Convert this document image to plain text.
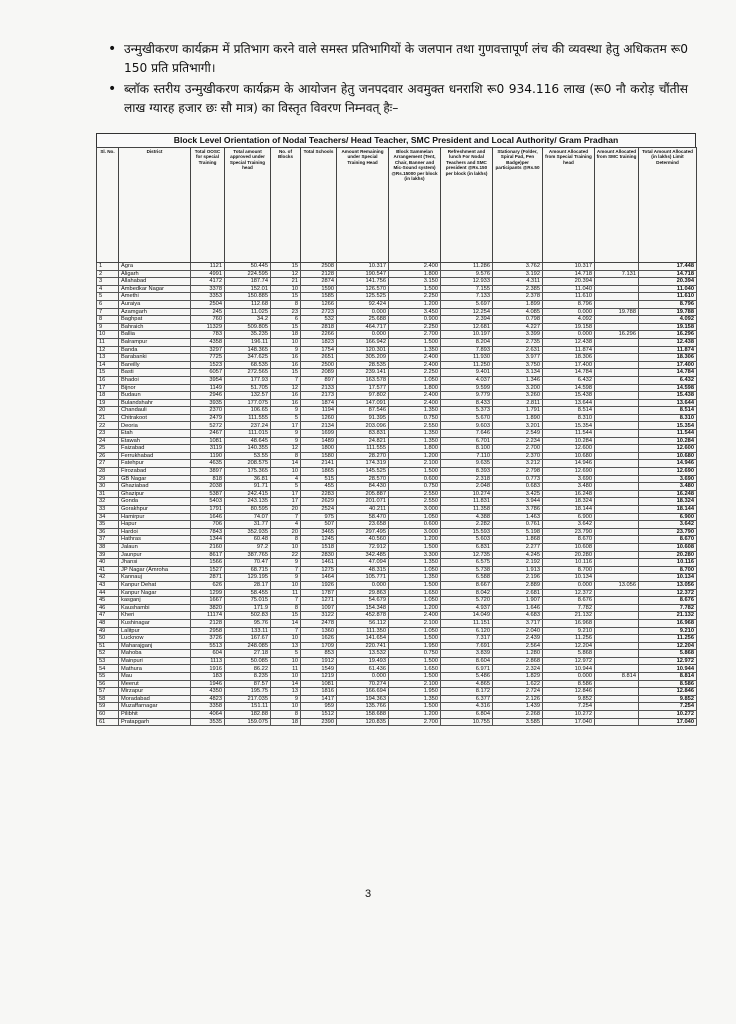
• उन्मुखीकरण कार्यक्रम में प्रतिभाग करने वाले समस्त प्रतिभागियों के जलपान तथा गुणवत्तापूर्ण लंच की व्यवस्था हेतु अधिकतम रू0 150 प्रति प्रतिभागी।
• ब्लॉक स्तरीय उन्मुखीकरण कार्यक्रम के आयोजन हेतु जनपदवार अवमुक्त धनराशि रू0 934.116 लाख (रू0 नौ करोड़ चौंतीस लाख ग्यारह हजार छः सौ मात्र) का विस्तृत विवरण निम्नवत् हैः–
Block Level Orientation of Nodal Teachers/ Head Teacher, SMC President and Local Authority/ Gram Pradhan
Sl. No.	District	Total OOSC for special Training	Total amount approved under Special Training head	No. of Blocks	Total Schools	Amount Remaining under Special Training Head	Block Sammelan Arrangement (Tent, Chair, Banner and Mic-Sound system) @Rs.15000 per block (in lakhs)	Refreshment and lunch For Nodal Teachers and SMC president @Rs.150 per block (in lakhs)	Stationary (Folder, Spiral Pad, Pen Badge)per participants @Rs.50	Amount Allocated from Special Training head	Amount Allocated from SMC training	Total Amount Allocated (in lakhs) Limit Determind
1	Agra	1121	50.445	15	2508	10.317	2.400	11.286	3.762	10.317		17.448
2	Aligarh	4991	224.595	12	2128	190.547	1.800	9.576	3.192	14.718	7.131	14.718
3	Allahabad	4172	187.74	21	2874	141.756	3.150	12.933	4.311	20.394		20.394
4	Ambedkar Nagar	3378	152.01	10	1590	126.570	1.500	7.155	2.385	11.040		11.040
5	Amethi	3353	150.885	15	1585	125.525	2.250	7.133	2.378	11.610		11.610
6	Auraiya	2504	112.68	8	1266	92.424	1.200	5.697	1.899	8.796		8.796
7	Azamgarh	245	11.025	23	2723	0.000	3.450	12.254	4.085	0.000	19.788	19.788
8	Baghpat	760	34.2	6	532	25.688	0.900	2.394	0.798	4.092		4.092
9	Bahraich	11329	509.805	15	2818	464.717	2.250	12.681	4.227	19.158		19.158
10	Ballia	783	35.235	18	2266	0.000	2.700	10.197	3.399	0.000	16.296	16.296
11	Balrampur	4358	196.11	10	1823	166.942	1.500	8.204	2.735	12.438		12.438
12	Banda	3297	148.365	9	1754	120.301	1.350	7.893	2.631	11.874		11.874
13	Barabanki	7725	347.625	16	2651	305.209	2.400	11.930	3.977	18.306		18.306
14	Bareilly	1523	68.535	16	2500	28.535	2.400	11.250	3.750	17.400		17.400
15	Basti	6057	272.565	15	2089	239.141	2.250	9.401	3.134	14.784		14.784
16	Bhadoi	3954	177.93	7	897	163.578	1.050	4.037	1.346	6.432		6.432
17	Bijnor	1149	51.705	12	2133	17.577	1.800	9.599	3.200	14.598		14.598
18	Budaun	2946	132.57	16	2173	97.802	2.400	9.779	3.260	15.438		15.438
19	Bulandshahr	3935	177.075	16	1874	147.091	2.400	8.433	2.811	13.644		13.644
20	Chandauli	2370	106.65	9	1194	87.546	1.350	5.373	1.791	8.514		8.514
21	Chitrakoot	2479	111.555	5	1260	91.395	0.750	5.670	1.890	8.310		8.310
22	Deoria	5272	237.24	17	2134	203.096	2.550	9.603	3.201	15.354		15.354
23	Etah	2467	111.015	9	1699	83.831	1.350	7.646	2.549	11.544		11.544
24	Etawah	1081	48.645	9	1489	24.821	1.350	6.701	2.234	10.284		10.284
25	Faizabad	3119	140.355	12	1800	111.555	1.800	8.100	2.700	12.600		12.600
26	Ferrukhabad	1190	53.55	8	1580	28.270	1.200	7.110	2.370	10.680		10.680
27	Fatehpur	4635	208.575	14	2141	174.319	2.100	9.635	3.212	14.946		14.946
28	Firozabad	3897	175.365	10	1865	145.525	1.500	8.393	2.798	12.690		12.690
29	GB Nagar	818	36.81	4	515	28.570	0.600	2.318	0.773	3.690		3.690
30	Ghaziabad	2038	91.71	5	455	84.430	0.750	2.048	0.683	3.480		3.480
31	Ghazipur	5387	242.415	17	2283	205.887	2.550	10.274	3.425	16.248		16.248
32	Gonda	5403	243.135	17	2629	201.071	2.550	11.831	3.944	18.324		18.324
33	Gorakhpur	1791	80.595	20	2524	40.211	3.000	11.358	3.786	18.144		18.144
34	Hamirpur	1646	74.07	7	975	58.470	1.050	4.388	1.463	6.900		6.900
35	Hapur	706	31.77	4	507	23.658	0.600	2.282	0.761	3.642		3.642
36	Hardoi	7843	352.935	20	3465	297.495	3.000	15.593	5.198	23.790		23.790
37	Hathras	1344	60.48	8	1245	40.560	1.200	5.603	1.868	8.670		8.670
38	Jalaun	2160	97.2	10	1518	72.912	1.500	6.831	2.277	10.608		10.608
39	Jaunpur	8617	387.765	22	2830	342.485	3.300	12.735	4.245	20.280		20.280
40	Jhansi	1566	70.47	9	1461	47.094	1.350	6.575	2.192	10.116		10.116
41	JP Nagar (Amroha	1527	68.715	7	1275	48.315	1.050	5.738	1.913	8.700		8.700
42	Kannauj	2871	129.195	9	1464	105.771	1.350	6.588	2.196	10.134		10.134
43	Kanpur Dehat	626	28.17	10	1926	0.000	1.500	8.667	2.889	0.000	13.056	13.056
44	Kanpur Nagar	1299	58.455	11	1787	29.863	1.650	8.042	2.681	12.372		12.372
45	kasganj	1667	75.015	7	1271	54.679	1.050	5.720	1.907	8.676		8.676
46	Kaushambi	3820	171.9	8	1097	154.348	1.200	4.937	1.646	7.782		7.782
47	Kheri	11174	502.83	15	3122	452.878	2.400	14.049	4.683	21.132		21.132
48	Kushinagar	2128	95.76	14	2478	56.112	2.100	11.151	3.717	16.968		16.968
49	Lalitpur	2958	133.11	7	1360	111.350	1.050	6.120	2.040	9.210		9.210
50	Lucknow	3726	167.67	10	1626	141.654	1.500	7.317	2.439	11.256		11.256
51	Maharajganj	5513	248.085	13	1709	220.741	1.950	7.691	2.564	12.204		12.204
52	Mahoba	604	27.18	5	853	13.532	0.750	3.839	1.280	5.868		5.868
53	Mainpuri	1113	50.085	10	1912	19.493	1.500	8.604	2.868	12.972		12.972
54	Mathura	1916	86.22	11	1549	61.436	1.650	6.971	2.324	10.944		10.944
55	Mau	183	8.235	10	1219	0.000	1.500	5.486	1.829	0.000	8.814	8.814
56	Meerut	1946	87.57	14	1081	70.274	2.100	4.865	1.622	8.586		8.586
57	Mirzapur	4350	195.75	13	1816	166.694	1.950	8.172	2.724	12.846		12.846
58	Moradabad	4823	217.035	9	1417	194.363	1.350	6.377	2.126	9.852		9.852
59	Muzaffarnagar	3358	151.11	10	959	135.766	1.500	4.316	1.439	7.254		7.254
60	Pilibhit	4064	182.88	8	1512	158.688	1.200	6.804	2.268	10.272		10.272
61	Pratapgarh	3535	159.075	18	2390	120.835	2.700	10.755	3.585	17.040		17.040
3
